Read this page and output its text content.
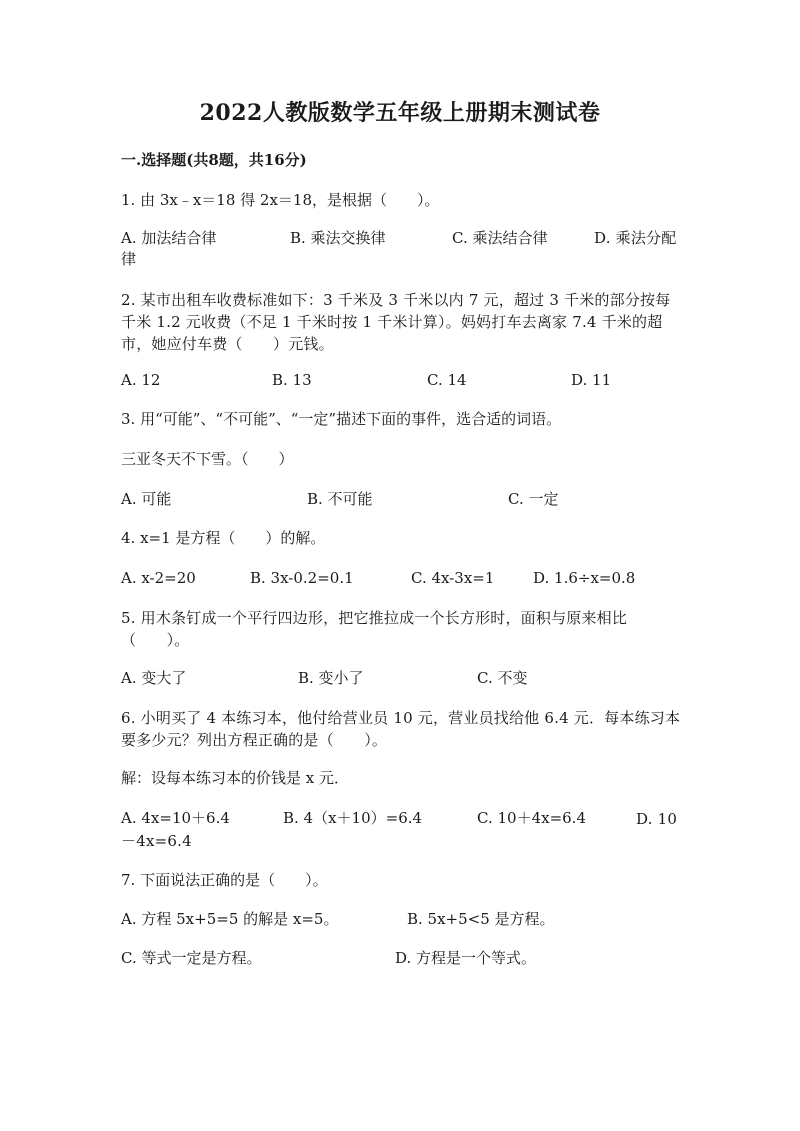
2022人教版数学五年级上册期末测试卷
一.选择题(共8题，共16分)
1. 由 3x﹣x＝18 得 2x＝18，是根据（　　）。
A. 加法结合律	B. 乘法交换律	C. 乘法结合律	D. 乘法分配律
2. 某市出租车收费标准如下：3 千米及 3 千米以内 7 元，超过 3 千米的部分按每千米 1.2 元收费（不足 1 千米时按 1 千米计算）。妈妈打车去离家 7.4 千米的超市，她应付车费（　　）元钱。
A. 12	B. 13	C. 14	D. 11
3. 用“可能”、“不可能”、“一定”描述下面的事件，选合适的词语。
三亚冬天不下雪。（　　）
A. 可能	B. 不可能	C. 一定
4. x=1 是方程（　　）的解。
A. x-2=20	B. 3x-0.2=0.1	C. 4x-3x=1	D. 1.6÷x=0.8
5. 用木条钉成一个平行四边形，把它推拉成一个长方形时，面积与原来相比（　　）。
A. 变大了	B. 变小了	C. 不变
6. 小明买了 4 本练习本，他付给营业员 10 元，营业员找给他 6.4 元．每本练习本要多少元？列出方程正确的是（　　）。
解：设每本练习本的价钱是 x 元．
A. 4x=10＋6.4	B. 4（x＋10）=6.4	C. 10＋4x=6.4	D. 10－4x=6.4
7. 下面说法正确的是（　　）。
A. 方程 5x+5=5 的解是 x=5。	B. 5x+5<5 是方程。
C. 等式一定是方程。	D. 方程是一个等式。
